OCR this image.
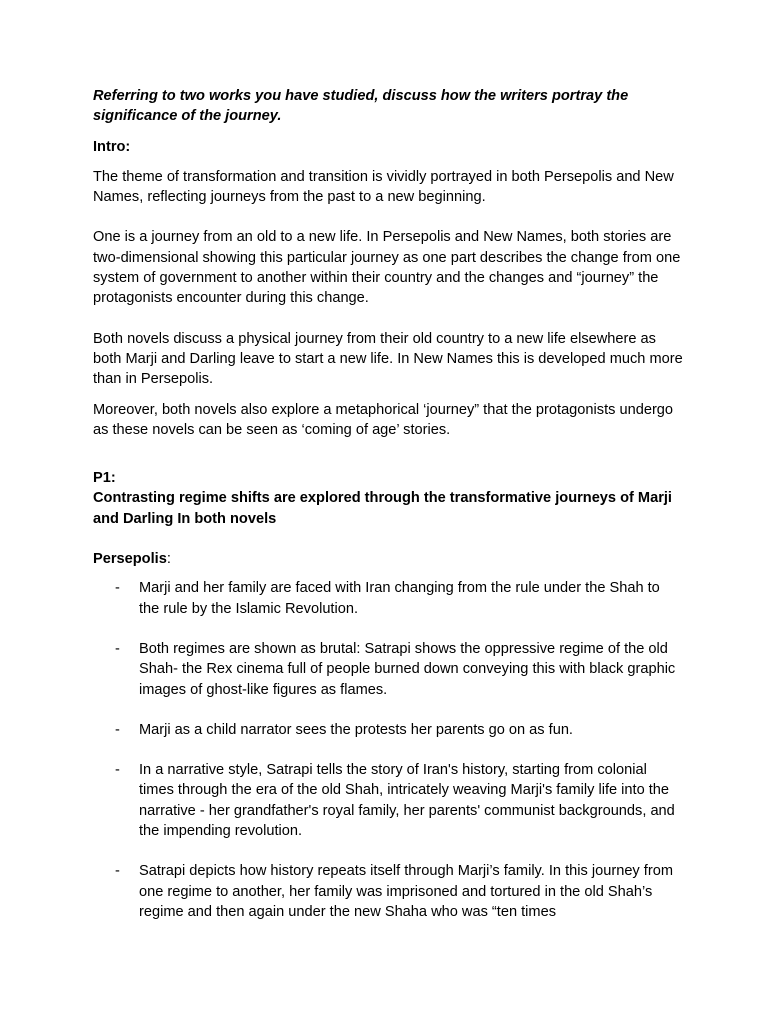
Referring to two works you have studied, discuss how the writers portray the significance of the journey.

Intro:

The theme of transformation and transition is vividly portrayed in both Persepolis and New Names, reflecting journeys from the past to a new beginning.

One is a journey from an old to a new life. In Persepolis and New Names, both stories are two-dimensional showing this particular journey as one part describes the change from one system of government to another within their country and the changes and “journey” the protagonists encounter during this change.

Both novels discuss a physical journey from their old country to a new life elsewhere as both Marji and Darling leave to start a new life. In New Names this is developed much more than in Persepolis.

Moreover, both novels also explore a metaphorical ‘journey” that the protagonists undergo as these novels can be seen as ‘coming of age’ stories.

P1:

Contrasting regime shifts are explored through the transformative journeys of Marji and Darling In both novels

Persepolis:

- Marji and her family are faced with Iran changing from the rule under the Shah to the rule by the Islamic Revolution.
- Both regimes are shown as brutal: Satrapi shows the oppressive regime of the old Shah- the Rex cinema full of people burned down conveying this with black graphic images of ghost-like figures as flames.
- Marji as a child narrator sees the protests her parents go on as fun.
- In a narrative style, Satrapi tells the story of Iran's history, starting from colonial times through the era of the old Shah, intricately weaving Marji's family life into the narrative - her grandfather's royal family, her parents' communist backgrounds, and the impending revolution.
- Satrapi depicts how history repeats itself through Marji’s family. In this journey from one regime to another, her family was imprisoned and tortured in the old Shah’s regime and then again under the new Shaha who was “ten times
